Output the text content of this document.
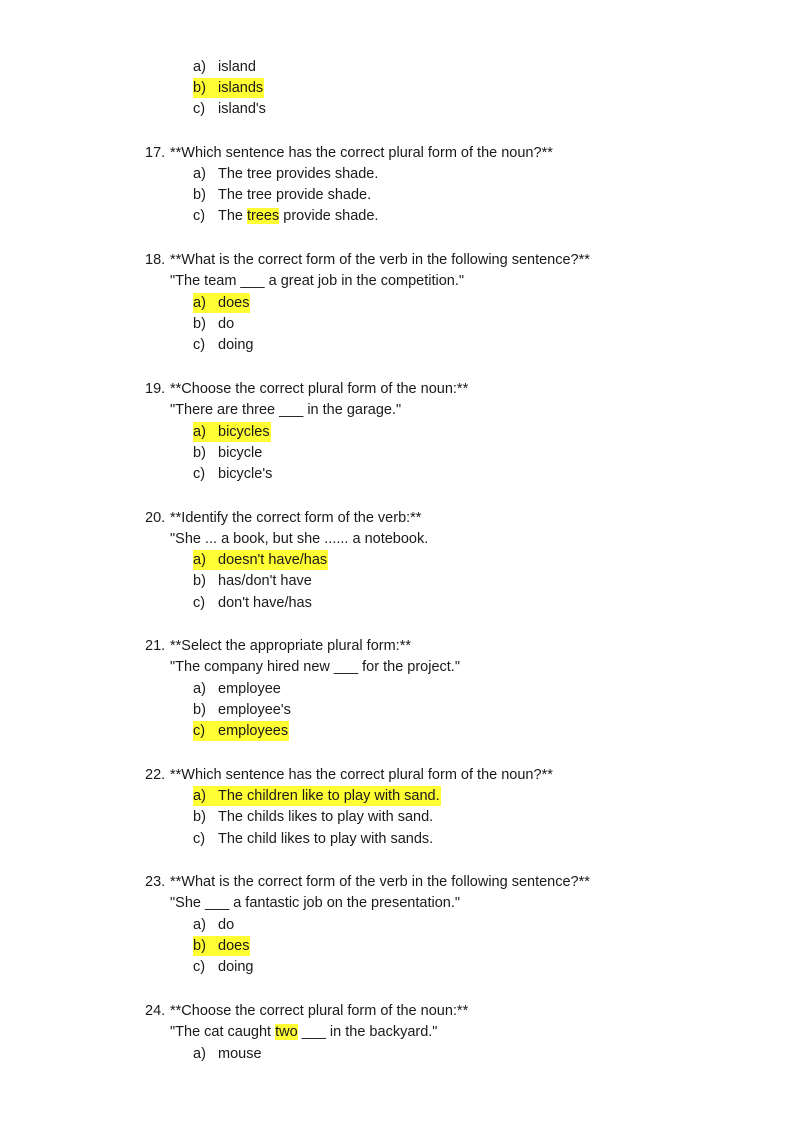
a) island
b) islands
c) island's
17. **Which sentence has the correct plural form of the noun?**
a) The tree provides shade.
b) The tree provide shade.
c) The trees provide shade.
18. **What is the correct form of the verb in the following sentence?**
"The team ___ a great job in the competition."
a) does
b) do
c) doing
19. **Choose the correct plural form of the noun:**
"There are three ___ in the garage."
a) bicycles
b) bicycle
c) bicycle's
20. **Identify the correct form of the verb:**
"She ... a book, but she ...... a notebook.
a) doesn't have/has
b) has/don't have
c) don't have/has
21. **Select the appropriate plural form:**
"The company hired new ___ for the project."
a) employee
b) employee's
c) employees
22. **Which sentence has the correct plural form of the noun?**
a) The children like to play with sand.
b) The childs likes to play with sand.
c) The child likes to play with sands.
23. **What is the correct form of the verb in the following sentence?**
"She ___ a fantastic job on the presentation."
a) do
b) does
c) doing
24. **Choose the correct plural form of the noun:**
"The cat caught two ___ in the backyard."
a) mouse
